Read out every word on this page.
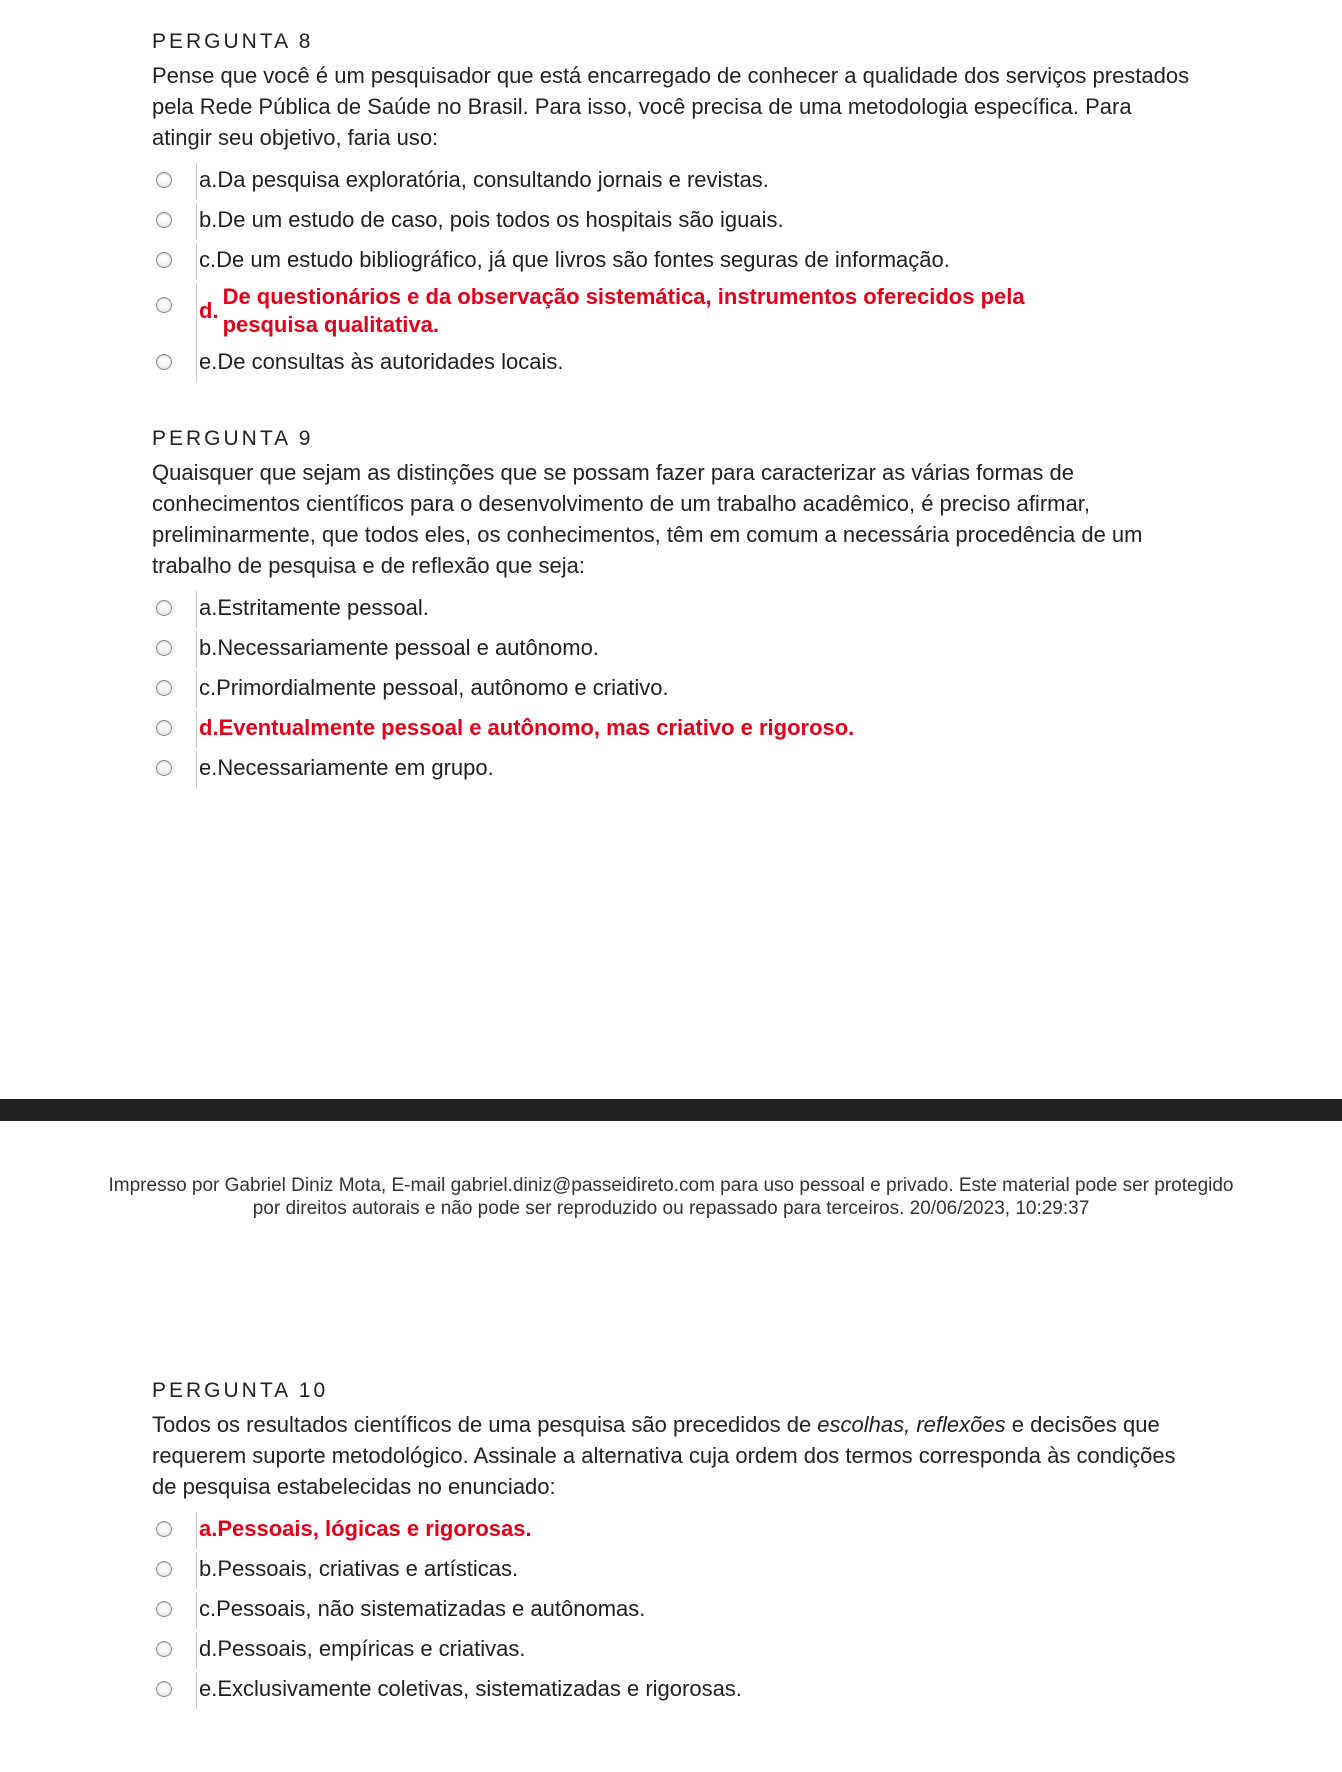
PERGUNTA 8

Pense que você é um pesquisador que está encarregado de conhecer a qualidade dos serviços prestados pela Rede Pública de Saúde no Brasil. Para isso, você precisa de uma metodologia específica. Para atingir seu objetivo, faria uso:

a. Da pesquisa exploratória, consultando jornais e revistas.
b. De um estudo de caso, pois todos os hospitais são iguais.
c. De um estudo bibliográfico, já que livros são fontes seguras de informação.
d.
De questionários e da observação sistemática, instrumentos oferecidos pela pesquisa qualitativa.
e. De consultas às autoridades locais.
PERGUNTA 9

Quaisquer que sejam as distinções que se possam fazer para caracterizar as várias formas de conhecimentos científicos para o desenvolvimento de um trabalho acadêmico, é preciso afirmar, preliminarmente, que todos eles, os conhecimentos, têm em comum a necessária procedência de um trabalho de pesquisa e de reflexão que seja:

a. Estritamente pessoal.
b. Necessariamente pessoal e autônomo.
c. Primordialmente pessoal, autônomo e criativo.
d. Eventualmente pessoal e autônomo, mas criativo e rigoroso.
e. Necessariamente em grupo.
Impresso por Gabriel Diniz Mota, E-mail gabriel.diniz@passeidireto.com para uso pessoal e privado. Este material pode ser protegido
por direitos autorais e não pode ser reproduzido ou repassado para terceiros. 20/06/2023, 10:29:37
PERGUNTA 10

Todos os resultados científicos de uma pesquisa são precedidos de escolhas, reflexões e decisões que requerem suporte metodológico. Assinale a alternativa cuja ordem dos termos corresponda às condições de pesquisa estabelecidas no enunciado:

a. Pessoais, lógicas e rigorosas.
b. Pessoais, criativas e artísticas.
c. Pessoais, não sistematizadas e autônomas.
d. Pessoais, empíricas e criativas.
e. Exclusivamente coletivas, sistematizadas e rigorosas.
